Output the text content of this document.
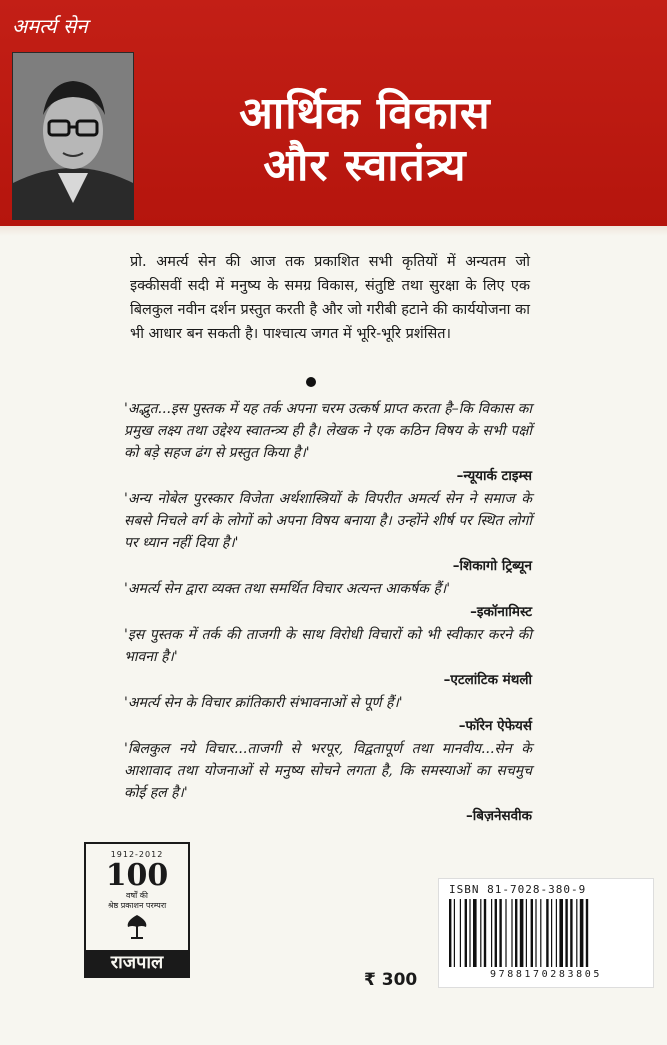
अमर्त्य सेन
आर्थिक विकास
और स्वातंत्र्य
प्रो. अमर्त्य सेन की आज तक प्रकाशित सभी कृतियों में अन्यतम जो इक्कीसवीं सदी में मनुष्य के समग्र विकास, संतुष्टि तथा सुरक्षा के लिए एक बिलकुल नवीन दर्शन प्रस्तुत करती है और जो गरीबी हटाने की कार्ययोजना का भी आधार बन सकती है। पाश्चात्य जगत में भूरि-भूरि प्रशंसित।

'अद्भुत...इस पुस्तक में यह तर्क अपना चरम उत्कर्ष प्राप्त करता है–कि विकास का प्रमुख लक्ष्य तथा उद्देश्य स्वातन्त्र्य ही है। लेखक ने एक कठिन विषय के सभी पक्षों को बड़े सहज ढंग से प्रस्तुत किया है।'

–न्यूयार्क टाइम्स

'अन्य नोबेल पुरस्कार विजेता अर्थशास्त्रियों के विपरीत अमर्त्य सेन ने समाज के सबसे निचले वर्ग के लोगों को अपना विषय बनाया है। उन्होंने शीर्ष पर स्थित लोगों पर ध्यान नहीं दिया है।'

–शिकागो ट्रिब्यून

'अमर्त्य सेन द्वारा व्यक्त तथा समर्थित विचार अत्यन्त आकर्षक हैं।'

–इकॉनामिस्ट

'इस पुस्तक में तर्क की ताजगी के साथ विरोधी विचारों को भी स्वीकार करने की भावना है।'

–एटलांटिक मंथली

'अमर्त्य सेन के विचार क्रांतिकारी संभावनाओं से पूर्ण हैं।'

–फॉरेन ऐफेयर्स

'बिलकुल नये विचार...ताजगी से भरपूर, विद्वतापूर्ण तथा मानवीय...सेन के आशावाद तथा योजनाओं से मनुष्य सोचने लगता है, कि समस्याओं का सचमुच कोई हल है।'

–बिज़नेसवीक

1912-2012
100
वर्षों की
श्रेष्ठ प्रकाशन परम्परा
राजपाल
₹ 300
ISBN 81-7028-380-9
9788170283805
